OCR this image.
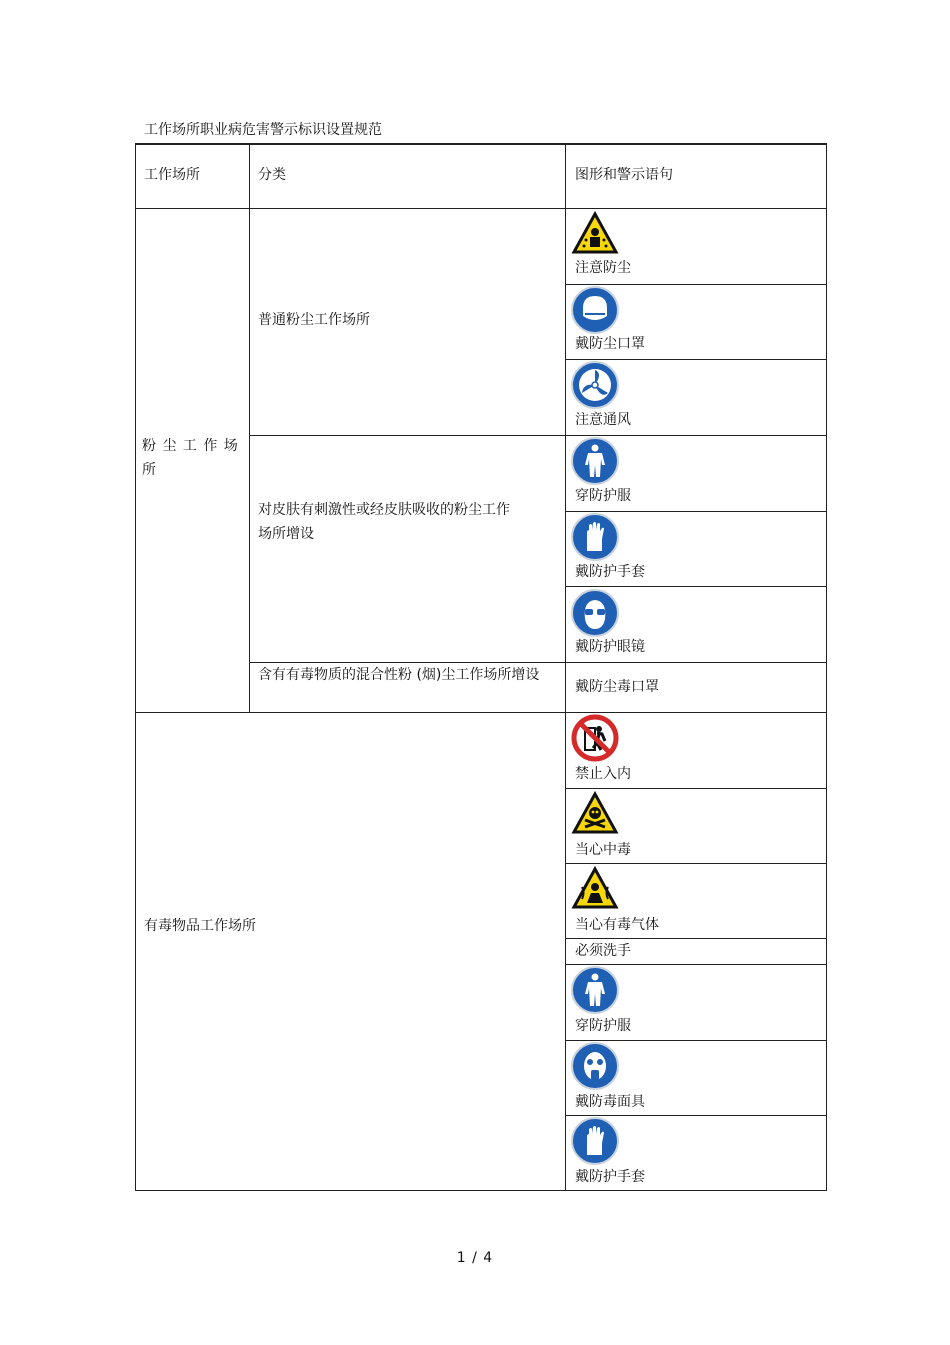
工作场所职业病危害警示标识设置规范
工作场所	分类	图形和警示语句
粉 尘 工 作 场 所
普通粉尘工作场所
对皮肤有刺激性或经皮肤吸收的粉尘工作场所增设
含有有毒物质的混合性粉 (烟)尘工作场所增设
注意防尘
戴防尘口罩
注意通风
穿防护服
戴防护手套
戴防护眼镜
戴防尘毒口罩
有毒物品工作场所
禁止入内
当心中毒
当心有毒气体
必须洗手
穿防护服
戴防毒面具
戴防护手套
1 / 4
